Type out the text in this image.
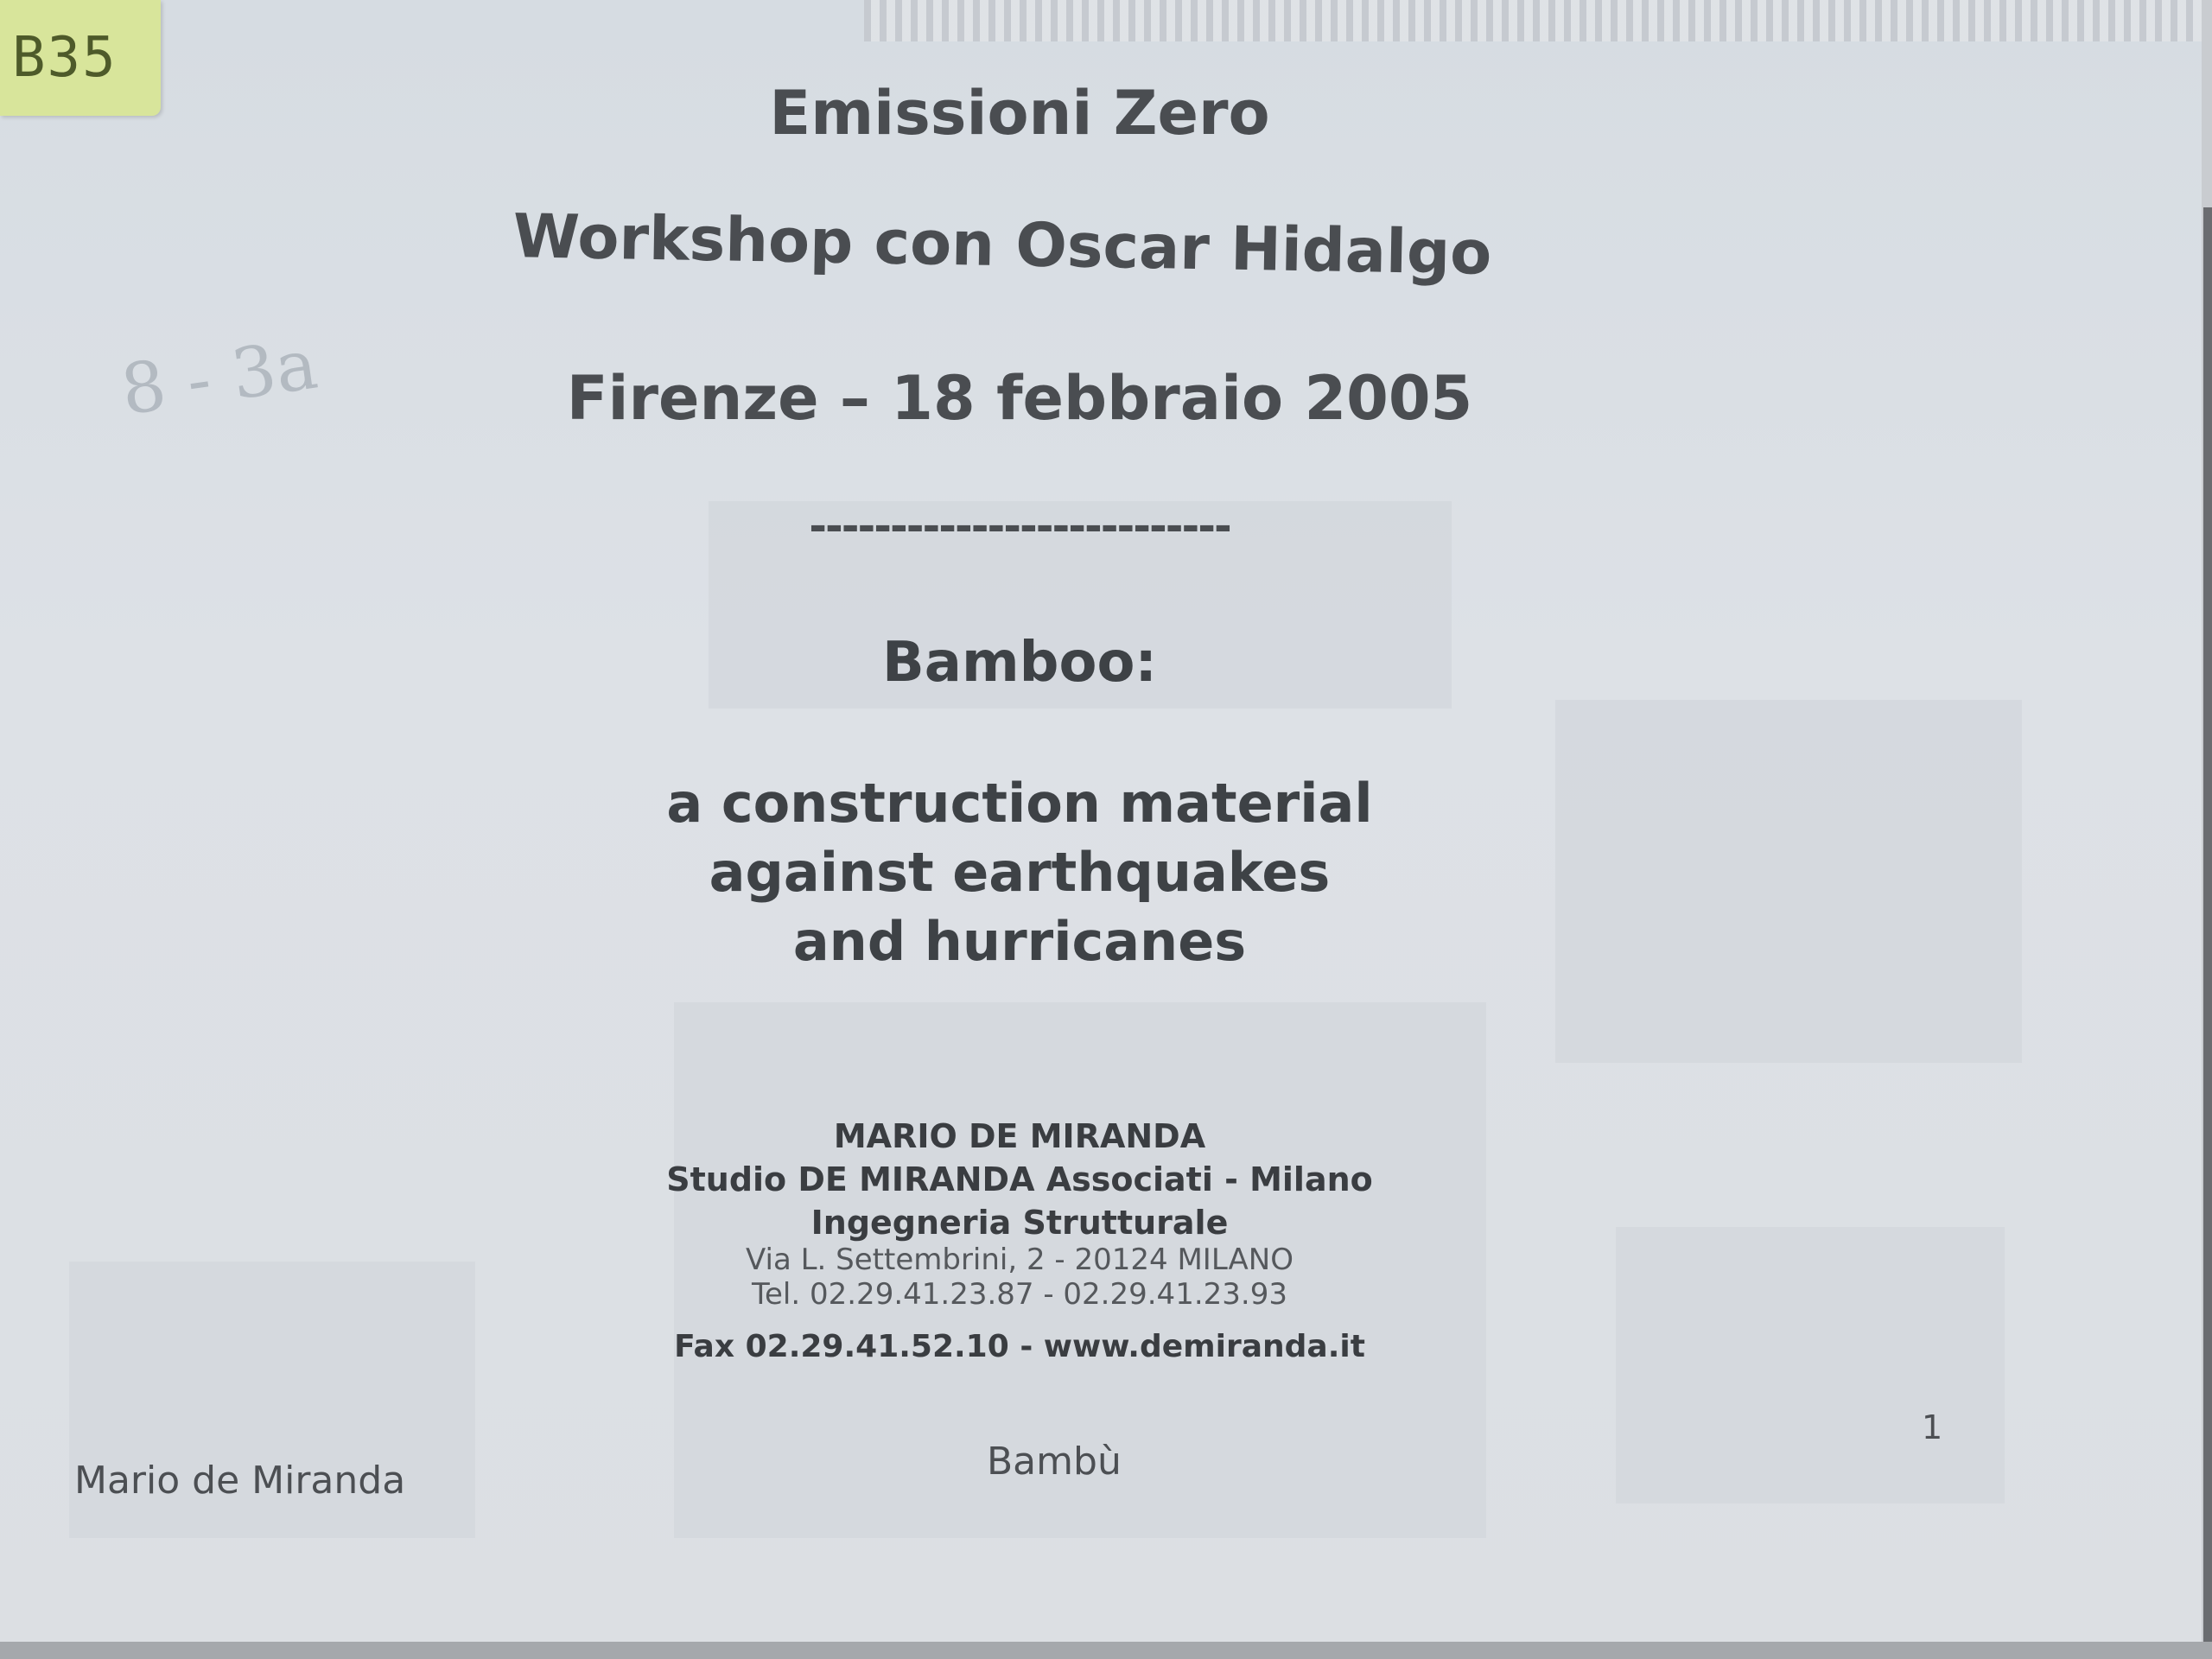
B35
8 - 3a
Emissioni Zero
Workshop con Oscar Hidalgo
Firenze – 18 febbraio 2005
--------------------------
Bamboo:
a construction material
against earthquakes
and hurricanes
MARIO DE MIRANDA
Studio DE MIRANDA Associati - Milano
Ingegneria Strutturale
Via L. Settembrini, 2 - 20124 MILANO
Tel. 02.29.41.23.87 - 02.29.41.23.93
Fax 02.29.41.52.10 - www.demiranda.it
Mario de Miranda	Bambù
1
